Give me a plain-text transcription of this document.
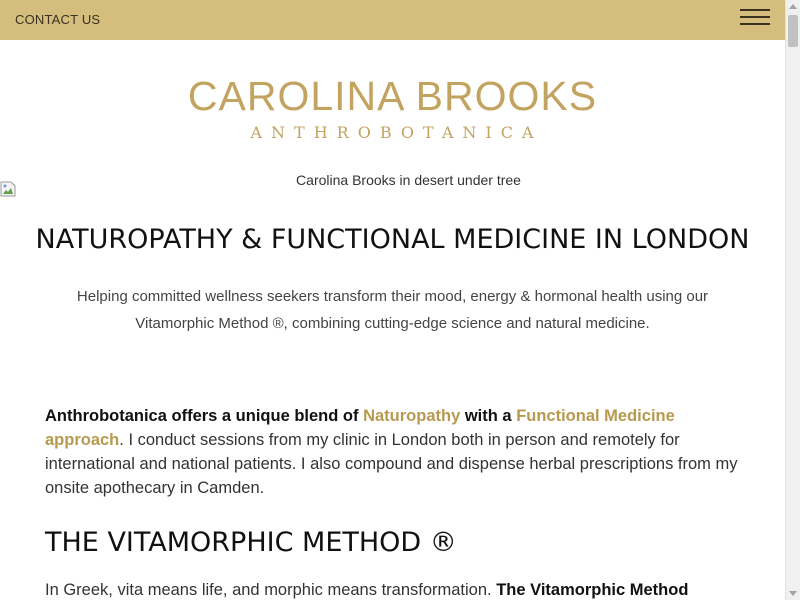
CONTACT US
CAROLINA BROOKS
ANTHROBOTANICA
Carolina Brooks in desert under tree
NATUROPATHY & FUNCTIONAL MEDICINE IN LONDON

Helping committed wellness seekers transform their mood, energy & hormonal health using our Vitamorphic Method ®, combining cutting-edge science and natural medicine.

Anthrobotanica offers a unique blend of Naturopathy with a Functional Medicine approach. I conduct sessions from my clinic in London both in person and remotely for international and national patients. I also compound and dispense herbal prescriptions from my onsite apothecary in Camden.

THE VITAMORPHIC METHOD ®

In Greek, vita means life, and morphic means transformation. The Vitamorphic Method
